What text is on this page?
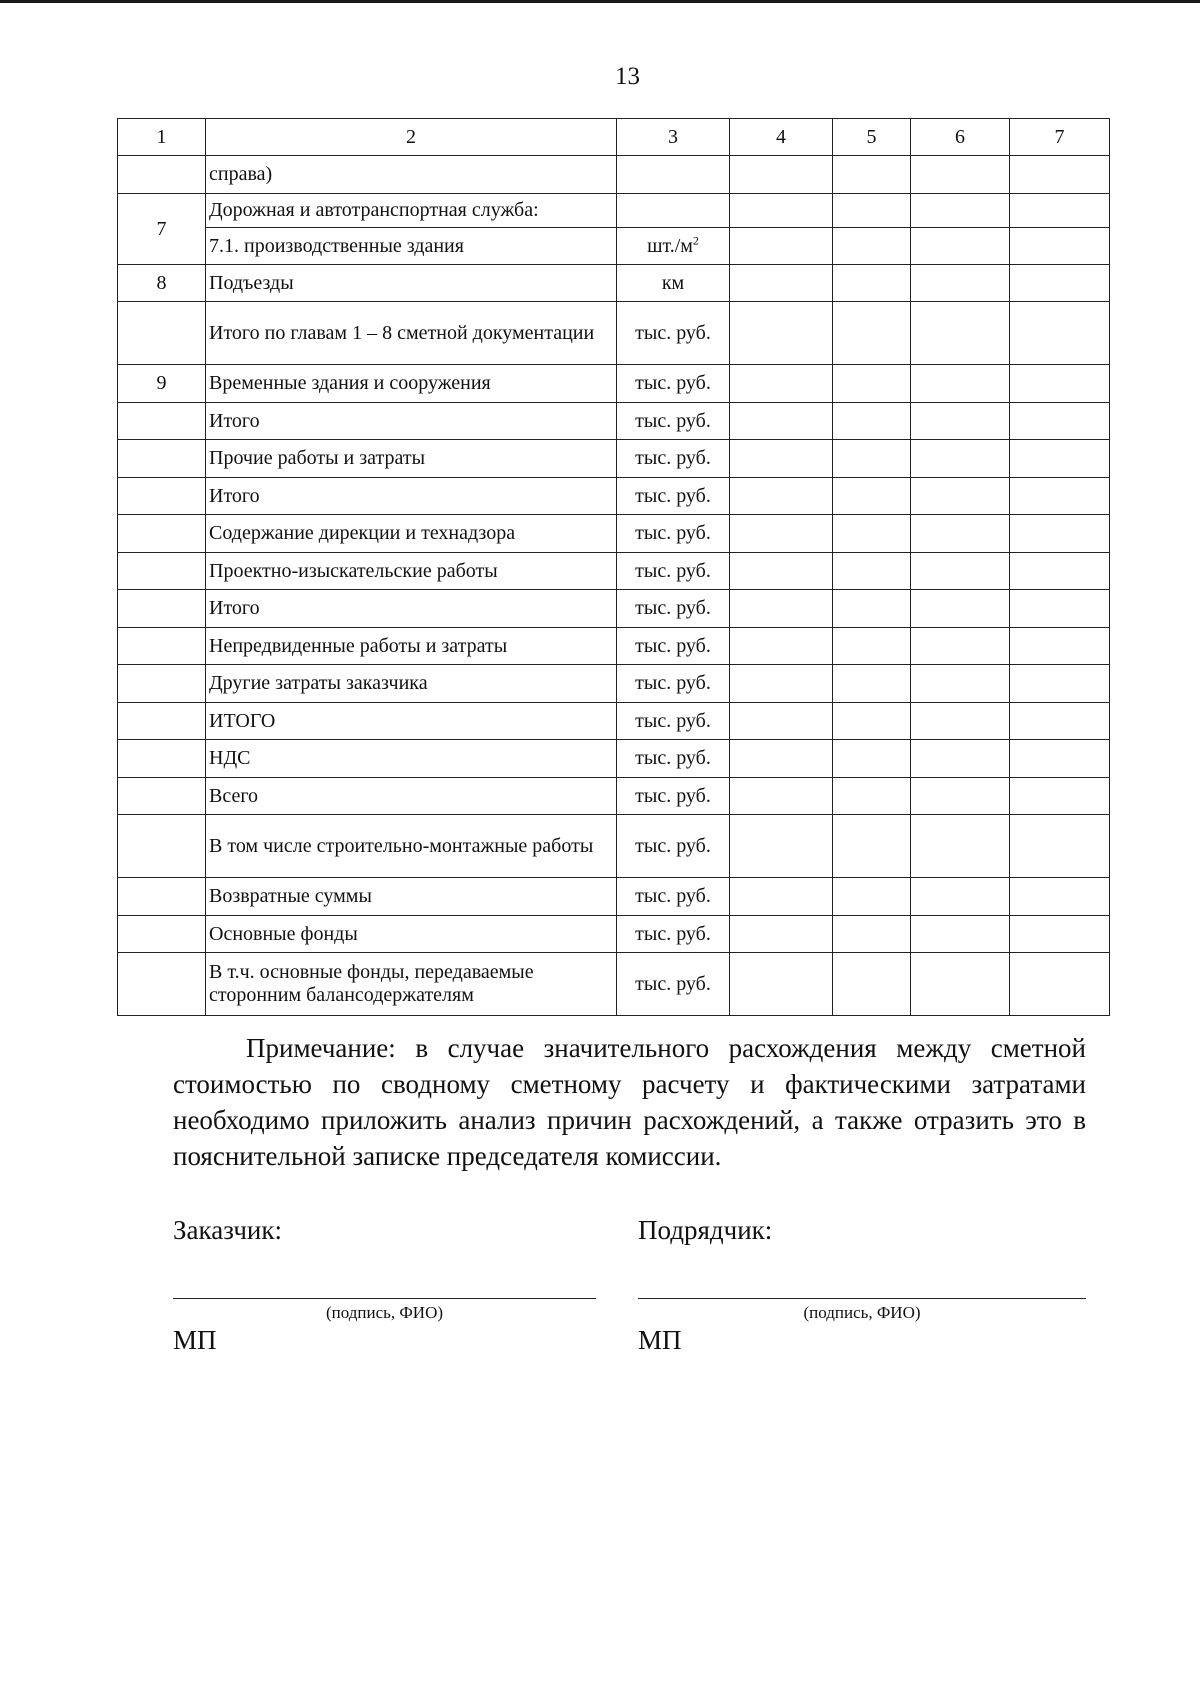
13
1	2	3	4	5	6	7
	справа)					
7	Дорожная и автотранспортная служба:					
	7.1. производственные здания	$шт./м^2$				
8	Подъезды	км				
	Итого по главам 1 – 8 сметной документации	тыс. руб.				
9	Временные здания и сооружения	тыс. руб.				
	Итого	тыс. руб.				
	Прочие работы и затраты	тыс. руб.				
	Итого	тыс. руб.				
	Содержание дирекции и технадзора	тыс. руб.				
	Проектно-изыскательские работы	тыс. руб.				
	Итого	тыс. руб.				
	Непредвиденные работы и затраты	тыс. руб.				
	Другие затраты заказчика	тыс. руб.				
	ИТОГО	тыс. руб.				
	НДС	тыс. руб.				
	Всего	тыс. руб.				
	В том числе строительно-монтажные работы	тыс. руб.				
	Возвратные суммы	тыс. руб.				
	Основные фонды	тыс. руб.				
	В т.ч. основные фонды, передаваемые сторонним балансодержателям	тыс. руб.				
Примечание: в случае значительного расхождения между сметной стоимостью по сводному сметному расчету и фактическими затратами необходимо приложить анализ причин расхождений, а также отразить это в пояснительной записке председателя комиссии.
Заказчик:	Подрядчик:
(подпись, ФИО)	(подпись, ФИО)
МП	МП
